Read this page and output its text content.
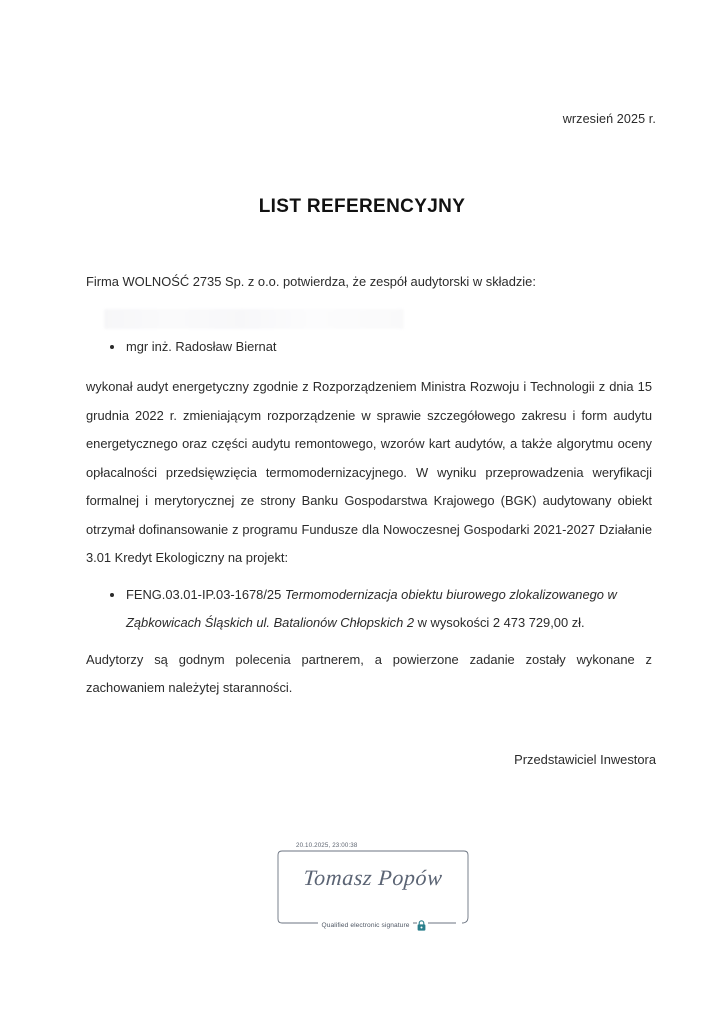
wrzesień 2025 r.
LIST REFERENCYJNY

Firma WOLNOŚĆ 2735 Sp. z o.o. potwierdza, że zespół audytorski w składzie:

mgr inż. Radosław Biernat

wykonał audyt energetyczny zgodnie z Rozporządzeniem Ministra Rozwoju i Technologii z dnia 15 grudnia 2022 r. zmieniającym rozporządzenie w sprawie szczegółowego zakresu i form audytu energetycznego oraz części audytu remontowego, wzorów kart audytów, a także algorytmu oceny opłacalności przedsięwzięcia termomodernizacyjnego. W wyniku przeprowadzenia weryfikacji formalnej i merytorycznej ze strony Banku Gospodarstwa Krajowego (BGK) audytowany obiekt otrzymał dofinansowanie z programu Fundusze dla Nowoczesnej Gospodarki 2021-2027 Działanie 3.01 Kredyt Ekologiczny na projekt:

FENG.03.01-IP.03-1678/25 Termomodernizacja obiektu biurowego zlokalizowanego w Ząbkowicach Śląskich ul. Batalionów Chłopskich 2 w wysokości 2 473 729,00 zł.

Audytorzy są godnym polecenia partnerem, a powierzone zadanie zostały wykonane z zachowaniem należytej staranności.

Przedstawiciel Inwestora
20.10.2025, 23:00:38
Tomasz Popów
Qualified electronic signature
